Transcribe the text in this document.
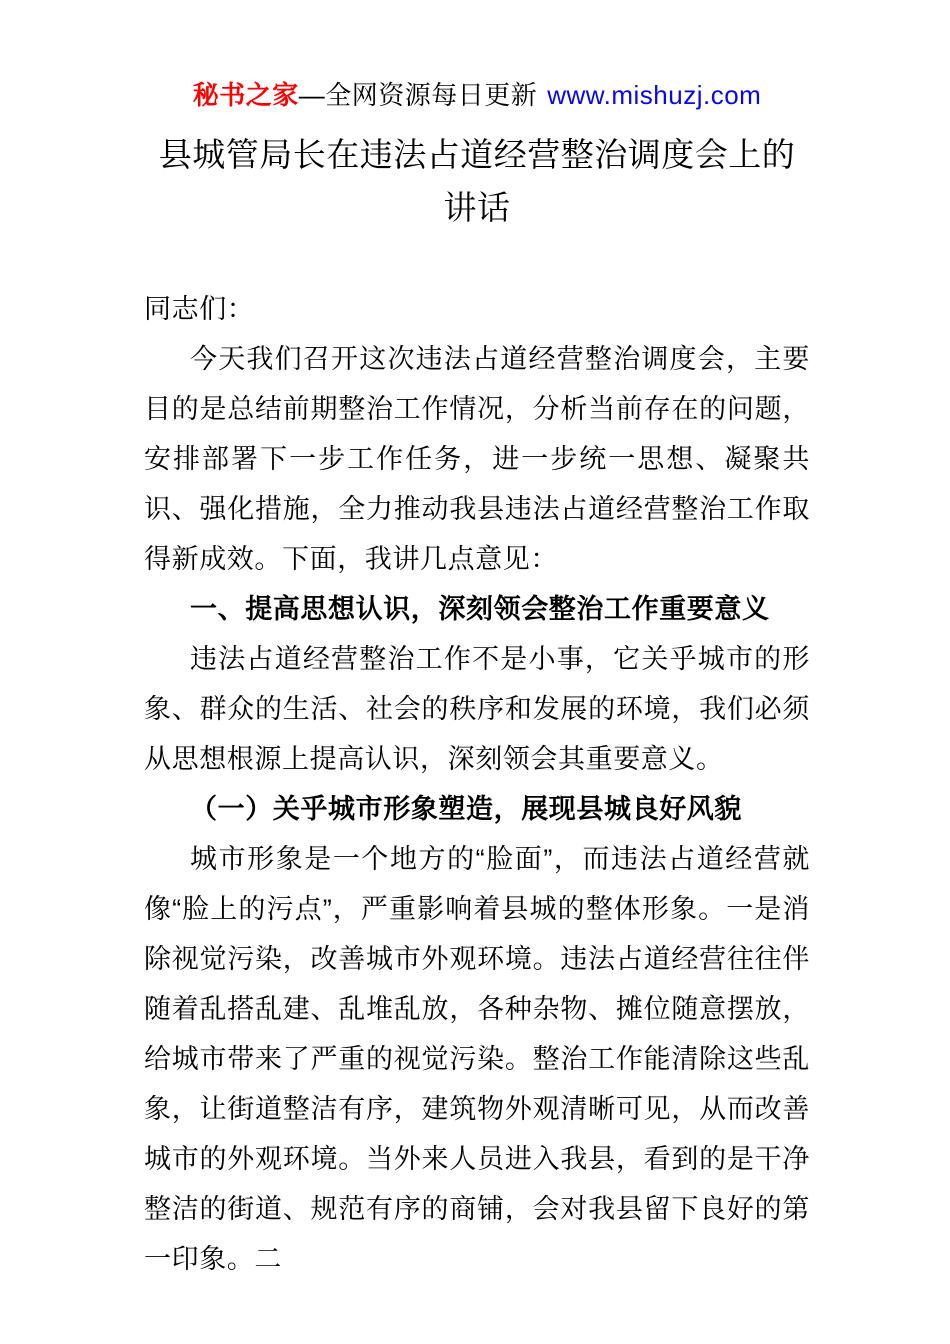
秘书之家—全网资源每日更新 www.mishuzj.com
县城管局长在违法占道经营整治调度会上的讲话

同志们：

今天我们召开这次违法占道经营整治调度会，主要目的是总结前期整治工作情况，分析当前存在的问题，安排部署下一步工作任务，进一步统一思想、凝聚共识、强化措施，全力推动我县违法占道经营整治工作取得新成效。下面，我讲几点意见：

一、提高思想认识，深刻领会整治工作重要意义

违法占道经营整治工作不是小事，它关乎城市的形象、群众的生活、社会的秩序和发展的环境，我们必须从思想根源上提高认识，深刻领会其重要意义。

（一）关乎城市形象塑造，展现县城良好风貌

城市形象是一个地方的“脸面”，而违法占道经营就像“脸上的污点”，严重影响着县城的整体形象。一是消除视觉污染，改善城市外观环境。违法占道经营往往伴随着乱搭乱建、乱堆乱放，各种杂物、摊位随意摆放，给城市带来了严重的视觉污染。整治工作能清除这些乱象，让街道整洁有序，建筑物外观清晰可见，从而改善城市的外观环境。当外来人员进入我县，看到的是干净整洁的街道、规范有序的商铺，会对我县留下良好的第一印象。二
